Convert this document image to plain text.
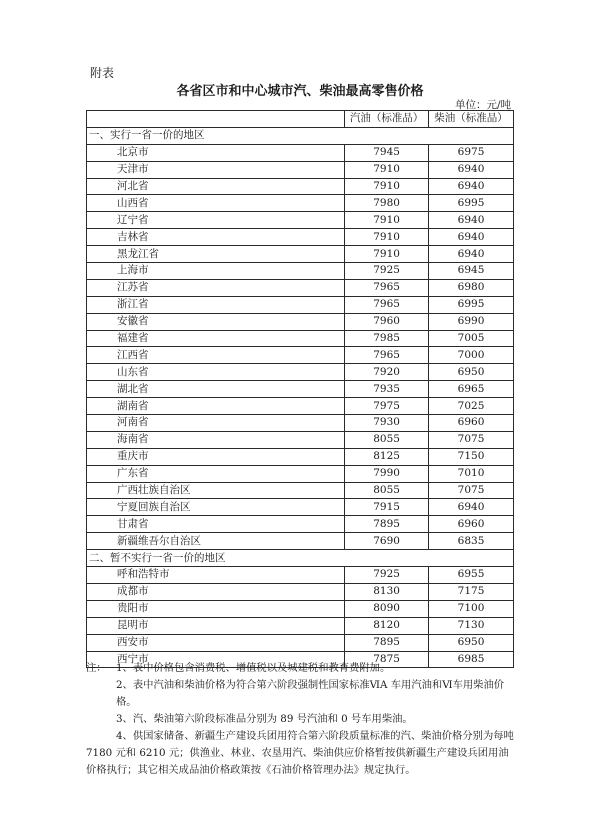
附表
各省区市和中心城市汽、柴油最高零售价格
单位：元/吨
	汽油（标准品）	柴油（标准品）
一、实行一省一价的地区		
北京市	7945	6975
天津市	7910	6940
河北省	7910	6940
山西省	7980	6995
辽宁省	7910	6940
吉林省	7910	6940
黑龙江省	7910	6940
上海市	7925	6945
江苏省	7965	6980
浙江省	7965	6995
安徽省	7960	6990
福建省	7985	7005
江西省	7965	7000
山东省	7920	6950
湖北省	7935	6965
湖南省	7975	7025
河南省	7930	6960
海南省	8055	7075
重庆市	8125	7150
广东省	7990	7010
广西壮族自治区	8055	7075
宁夏回族自治区	7915	6940
甘肃省	7895	6960
新疆维吾尔自治区	7690	6835
二、暂不实行一省一价的地区		
呼和浩特市	7925	6955
成都市	8130	7175
贵阳市	8090	7100
昆明市	8120	7130
西安市	7895	6950
西宁市	7875	6985
注： 1、表中价格包含消费税、增值税以及城建税和教育费附加。
2、表中汽油和柴油价格为符合第六阶段强制性国家标准ⅥA 车用汽油和Ⅵ车用柴油价格。
3、汽、柴油第六阶段标准品分别为 89 号汽油和 0 号车用柴油。
4、供国家储备、新疆生产建设兵团用符合第六阶段质量标准的汽、柴油价格分别为每吨 7180 元和 6210 元；供渔业、林业、农垦用汽、柴油供应价格暂按供新疆生产建设兵团用油价格执行；其它相关成品油价格政策按《石油价格管理办法》规定执行。
